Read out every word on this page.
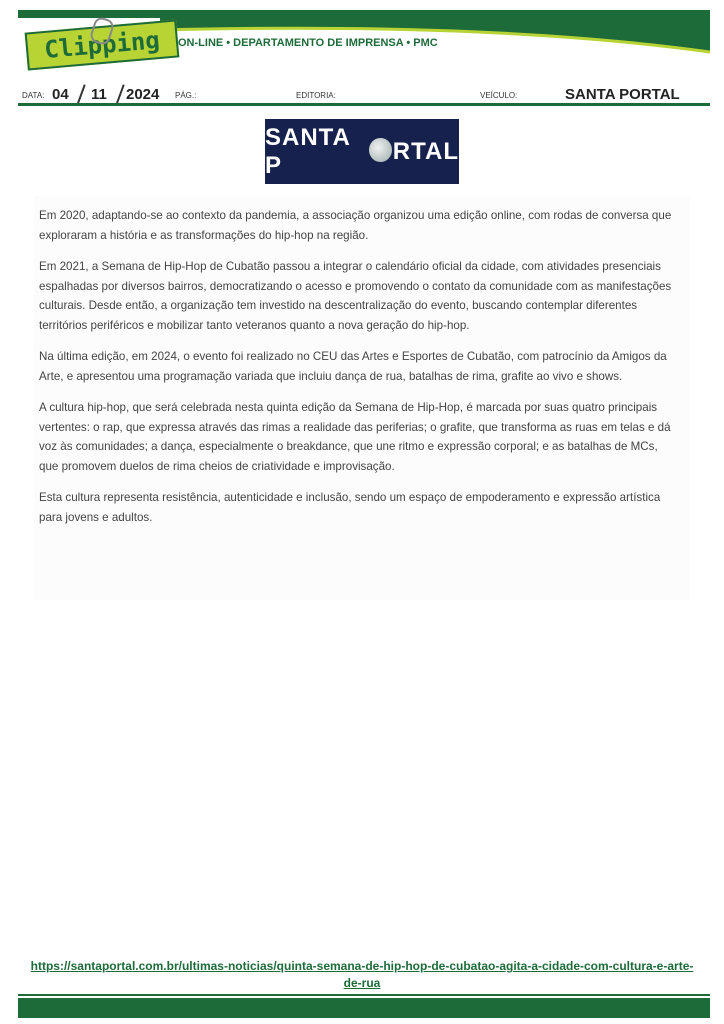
Clipping ON-LINE • DEPARTAMENTO DE IMPRENSA • PMC
DATA: 04 11 2024 PÁG.:	EDITORIA:	VEÍCULO:	SANTA PORTAL
SANTA P
RTAL

Em 2020, adaptando-se ao contexto da pandemia, a associação organizou uma edição online, com rodas de conversa que exploraram a história e as transformações do hip-hop na região.

Em 2021, a Semana de Hip-Hop de Cubatão passou a integrar o calendário oficial da cidade, com atividades presenciais espalhadas por diversos bairros, democratizando o acesso e promovendo o contato da comunidade com as manifestações culturais. Desde então, a organização tem investido na descentralização do evento, buscando contemplar diferentes territórios periféricos e mobilizar tanto veteranos quanto a nova geração do hip-hop.

Na última edição, em 2024, o evento foi realizado no CEU das Artes e Esportes de Cubatão, com patrocínio da Amigos da Arte, e apresentou uma programação variada que incluiu dança de rua, batalhas de rima, grafite ao vivo e shows.

A cultura hip-hop, que será celebrada nesta quinta edição da Semana de Hip-Hop, é marcada por suas quatro principais vertentes: o rap, que expressa através das rimas a realidade das periferias; o grafite, que transforma as ruas em telas e dá voz às comunidades; a dança, especialmente o breakdance, que une ritmo e expressão corporal; e as batalhas de MCs, que promovem duelos de rima cheios de criatividade e improvisação.

Esta cultura representa resistência, autenticidade e inclusão, sendo um espaço de empoderamento e expressão artística para jovens e adultos.

https://santaportal.com.br/ultimas-noticias/quinta-semana-de-hip-hop-de-cubatao-agita-a-cidade-com-cultura-e-arte-de-rua
